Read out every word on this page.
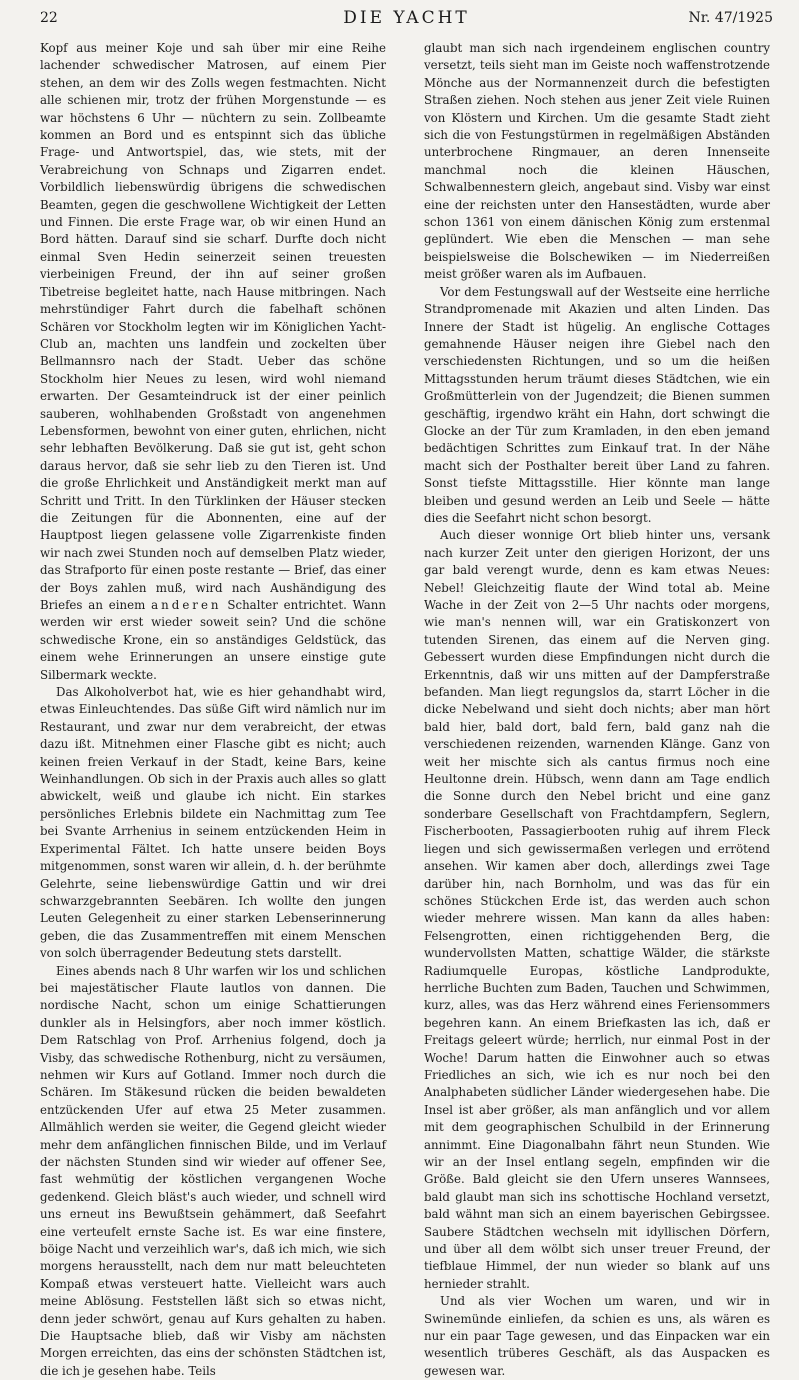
22	DIE YACHT	Nr. 47/1925

Kopf aus meiner Koje und sah über mir eine Reihe lachender schwedischer Matrosen, auf einem Pier stehen, an dem wir des Zolls wegen festmachten. Nicht alle schienen mir, trotz der frühen Morgenstunde — es war höchstens 6 Uhr — nüchtern zu sein. Zollbeamte kommen an Bord und es entspinnt sich das übliche Frage- und Antwortspiel, das, wie stets, mit der Verabreichung von Schnaps und Zigarren endet. Vorbildlich liebenswürdig übrigens die schwedischen Beamten, gegen die geschwollene Wichtigkeit der Letten und Finnen. Die erste Frage war, ob wir einen Hund an Bord hätten. Darauf sind sie scharf. Durfte doch nicht einmal Sven Hedin seinerzeit seinen treuesten vierbeinigen Freund, der ihn auf seiner großen Tibetreise begleitet hatte, nach Hause mitbringen. Nach mehrstündiger Fahrt durch die fabelhaft schönen Schären vor Stockholm legten wir im Königlichen Yacht-Club an, machten uns landfein und zockelten über Bellmannsro nach der Stadt. Ueber das schöne Stockholm hier Neues zu lesen, wird wohl niemand erwarten. Der Gesamteindruck ist der einer peinlich sauberen, wohlhabenden Großstadt von angenehmen Lebensformen, bewohnt von einer guten, ehrlichen, nicht sehr lebhaften Bevölkerung. Daß sie gut ist, geht schon daraus hervor, daß sie sehr lieb zu den Tieren ist. Und die große Ehrlichkeit und Anständigkeit merkt man auf Schritt und Tritt. In den Türklinken der Häuser stecken die Zeitungen für die Abonnenten, eine auf der Hauptpost liegen gelassene volle Zigarrenkiste finden wir nach zwei Stunden noch auf demselben Platz wieder, das Strafporto für einen poste restante — Brief, das einer der Boys zahlen muß, wird nach Aushändigung des Briefes an einem anderen Schalter entrichtet. Wann werden wir erst wieder soweit sein? Und die schöne schwedische Krone, ein so anständiges Geldstück, das einem wehe Erinnerungen an unsere einstige gute Silbermark weckte.

Das Alkoholverbot hat, wie es hier gehandhabt wird, etwas Einleuchtendes. Das süße Gift wird nämlich nur im Restaurant, und zwar nur dem verabreicht, der etwas dazu ißt. Mitnehmen einer Flasche gibt es nicht; auch keinen freien Verkauf in der Stadt, keine Bars, keine Weinhandlungen. Ob sich in der Praxis auch alles so glatt abwickelt, weiß und glaube ich nicht. Ein starkes persönliches Erlebnis bildete ein Nachmittag zum Tee bei Svante Arrhenius in seinem entzückenden Heim in Experimental Fältet. Ich hatte unsere beiden Boys mitgenommen, sonst waren wir allein, d. h. der berühmte Gelehrte, seine liebenswürdige Gattin und wir drei schwarzgebrannten Seebären. Ich wollte den jungen Leuten Gelegenheit zu einer starken Lebenserinnerung geben, die das Zusammentreffen mit einem Menschen von solch überragender Bedeutung stets darstellt.

Eines abends nach 8 Uhr warfen wir los und schlichen bei majestätischer Flaute lautlos von dannen. Die nordische Nacht, schon um einige Schattierungen dunkler als in Helsingfors, aber noch immer köstlich. Dem Ratschlag von Prof. Arrhenius folgend, doch ja Visby, das schwedische Rothenburg, nicht zu versäumen, nehmen wir Kurs auf Gotland. Immer noch durch die Schären. Im Stäkesund rücken die beiden bewaldeten entzückenden Ufer auf etwa 25 Meter zusammen. Allmählich werden sie weiter, die Gegend gleicht wieder mehr dem anfänglichen finnischen Bilde, und im Verlauf der nächsten Stunden sind wir wieder auf offener See, fast wehmütig der köstlichen vergangenen Woche gedenkend. Gleich bläst's auch wieder, und schnell wird uns erneut ins Bewußtsein gehämmert, daß Seefahrt eine verteufelt ernste Sache ist. Es war eine finstere, böige Nacht und verzeihlich war's, daß ich mich, wie sich morgens herausstellt, nach dem nur matt beleuchteten Kompaß etwas versteuert hatte. Vielleicht wars auch meine Ablösung. Feststellen läßt sich so etwas nicht, denn jeder schwört, genau auf Kurs gehalten zu haben. Die Hauptsache blieb, daß wir Visby am nächsten Morgen erreichten, das eins der schönsten Städtchen ist, die ich je gesehen habe. Teils

glaubt man sich nach irgendeinem englischen country versetzt, teils sieht man im Geiste noch waffenstrotzende Mönche aus der Normannenzeit durch die befestigten Straßen ziehen. Noch stehen aus jener Zeit viele Ruinen von Klöstern und Kirchen. Um die gesamte Stadt zieht sich die von Festungstürmen in regelmäßigen Abständen unterbrochene Ringmauer, an deren Innenseite manchmal noch die kleinen Häuschen, Schwalbennestern gleich, angebaut sind. Visby war einst eine der reichsten unter den Hansestädten, wurde aber schon 1361 von einem dänischen König zum erstenmal geplündert. Wie eben die Menschen — man sehe beispielsweise die Bolschewiken — im Niederreißen meist größer waren als im Aufbauen.

Vor dem Festungswall auf der Westseite eine herrliche Strandpromenade mit Akazien und alten Linden. Das Innere der Stadt ist hügelig. An englische Cottages gemahnende Häuser neigen ihre Giebel nach den verschiedensten Richtungen, und so um die heißen Mittagsstunden herum träumt dieses Städtchen, wie ein Großmütterlein von der Jugendzeit; die Bienen summen geschäftig, irgendwo kräht ein Hahn, dort schwingt die Glocke an der Tür zum Kramladen, in den eben jemand bedächtigen Schrittes zum Einkauf trat. In der Nähe macht sich der Posthalter bereit über Land zu fahren. Sonst tiefste Mittagsstille. Hier könnte man lange bleiben und gesund werden an Leib und Seele — hätte dies die Seefahrt nicht schon besorgt.

Auch dieser wonnige Ort blieb hinter uns, versank nach kurzer Zeit unter den gierigen Horizont, der uns gar bald verengt wurde, denn es kam etwas Neues: Nebel! Gleichzeitig flaute der Wind total ab. Meine Wache in der Zeit von 2—5 Uhr nachts oder morgens, wie man's nennen will, war ein Gratiskonzert von tutenden Sirenen, das einem auf die Nerven ging. Gebessert wurden diese Empfindungen nicht durch die Erkenntnis, daß wir uns mitten auf der Dampferstraße befanden. Man liegt regungslos da, starrt Löcher in die dicke Nebelwand und sieht doch nichts; aber man hört bald hier, bald dort, bald fern, bald ganz nah die verschiedenen reizenden, warnenden Klänge. Ganz von weit her mischte sich als cantus firmus noch eine Heultonne drein. Hübsch, wenn dann am Tage endlich die Sonne durch den Nebel bricht und eine ganz sonderbare Gesellschaft von Frachtdampfern, Seglern, Fischerbooten, Passagierbooten ruhig auf ihrem Fleck liegen und sich gewissermaßen verlegen und errötend ansehen. Wir kamen aber doch, allerdings zwei Tage darüber hin, nach Bornholm, und was das für ein schönes Stückchen Erde ist, das werden auch schon wieder mehrere wissen. Man kann da alles haben: Felsengrotten, einen richtiggehenden Berg, die wundervollsten Matten, schattige Wälder, die stärkste Radiumquelle Europas, köstliche Landprodukte, herrliche Buchten zum Baden, Tauchen und Schwimmen, kurz, alles, was das Herz während eines Feriensommers begehren kann. An einem Briefkasten las ich, daß er Freitags geleert würde; herrlich, nur einmal Post in der Woche! Darum hatten die Einwohner auch so etwas Friedliches an sich, wie ich es nur noch bei den Analphabeten südlicher Länder wiedergesehen habe. Die Insel ist aber größer, als man anfänglich und vor allem mit dem geographischen Schulbild in der Erinnerung annimmt. Eine Diagonalbahn fährt neun Stunden. Wie wir an der Insel entlang segeln, empfinden wir die Größe. Bald gleicht sie den Ufern unseres Wannsees, bald glaubt man sich ins schottische Hochland versetzt, bald wähnt man sich an einem bayerischen Gebirgssee. Saubere Städtchen wechseln mit idyllischen Dörfern, und über all dem wölbt sich unser treuer Freund, der tiefblaue Himmel, der nun wieder so blank auf uns hernieder strahlt.

Und als vier Wochen um waren, und wir in Swinemünde einliefen, da schien es uns, als wären es nur ein paar Tage gewesen, und das Einpacken war ein wesentlich trüberes Geschäft, als das Auspacken es gewesen war.
